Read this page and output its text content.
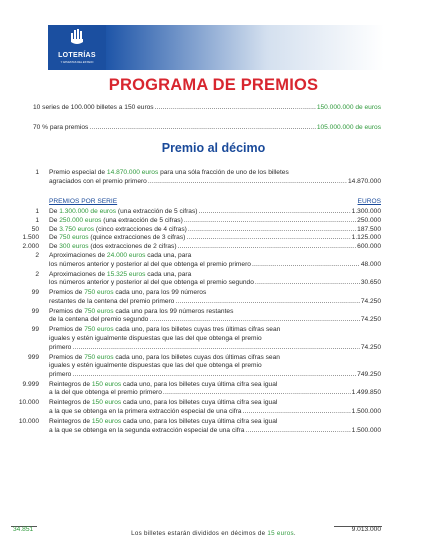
LOTERÍAS
Y APUESTAS DEL ESTADO
PROGRAMA DE PREMIOS
10 series de 100.000 billetes a 150 euros .....	150.000.000 de euros
70 % para premios .....	105.000.000 de euros
Premio al décimo
1 Premio especial de 14.870.000 euros para una sóla fracción de uno de los billetes
agraciados con el premio primero .....	14.870.000
PREMIOS POR SERIE	EUROS
1 De 1.300.000 de euros (una extracción de 5 cifras) .....	1.300.000
1 De 250.000 euros (una extracción de 5 cifras) .....	250.000
50 De 3.750 euros (cinco extracciones de 4 cifras) .....	187.500
1.500 De 750 euros (quince extracciones de 3 cifras) .....	1.125.000
2.000 De 300 euros (dos extracciones de 2 cifras) .....	600.000
2 Aproximaciones de 24.000 euros cada una, para
los números anterior y posterior al del que obtenga el premio primero .....	48.000
2 Aproximaciones de 15.325 euros cada una, para
los números anterior y posterior al del que obtenga el premio segundo .....	30.650
99 Premios de 750 euros cada uno, para los 99 números
restantes de la centena del premio primero .....	74.250
99 Premios de 750 euros cada uno para los 99 números restantes
de la centena del premio segundo .....	74.250
99 Premios de 750 euros cada uno, para los billetes cuyas tres últimas cifras sean
iguales y estén igualmente dispuestas que las del que obtenga el premio
primero .....	74.250
999 Premios de 750 euros cada uno, para los billetes cuyas dos últimas cifras sean
iguales y estén igualmente dispuestas que las del que obtenga el premio
primero .....	749.250
9.999 Reintegros de 150 euros cada uno, para los billetes cuya última cifra sea igual
a la del que obtenga el premio primero .....	1.499.850
10.000 Reintegros de 150 euros cada uno, para los billetes cuya última cifra sea igual
a la que se obtenga en la primera extracción especial de una cifra .....	1.500.000
10.000 Reintegros de 150 euros cada uno, para los billetes cuya última cifra sea igual
a la que se obtenga en la segunda extracción especial de una cifra .....	1.500.000
34.851	9.013.000
Los billetes estarán divididos en décimos de 15 euros.
